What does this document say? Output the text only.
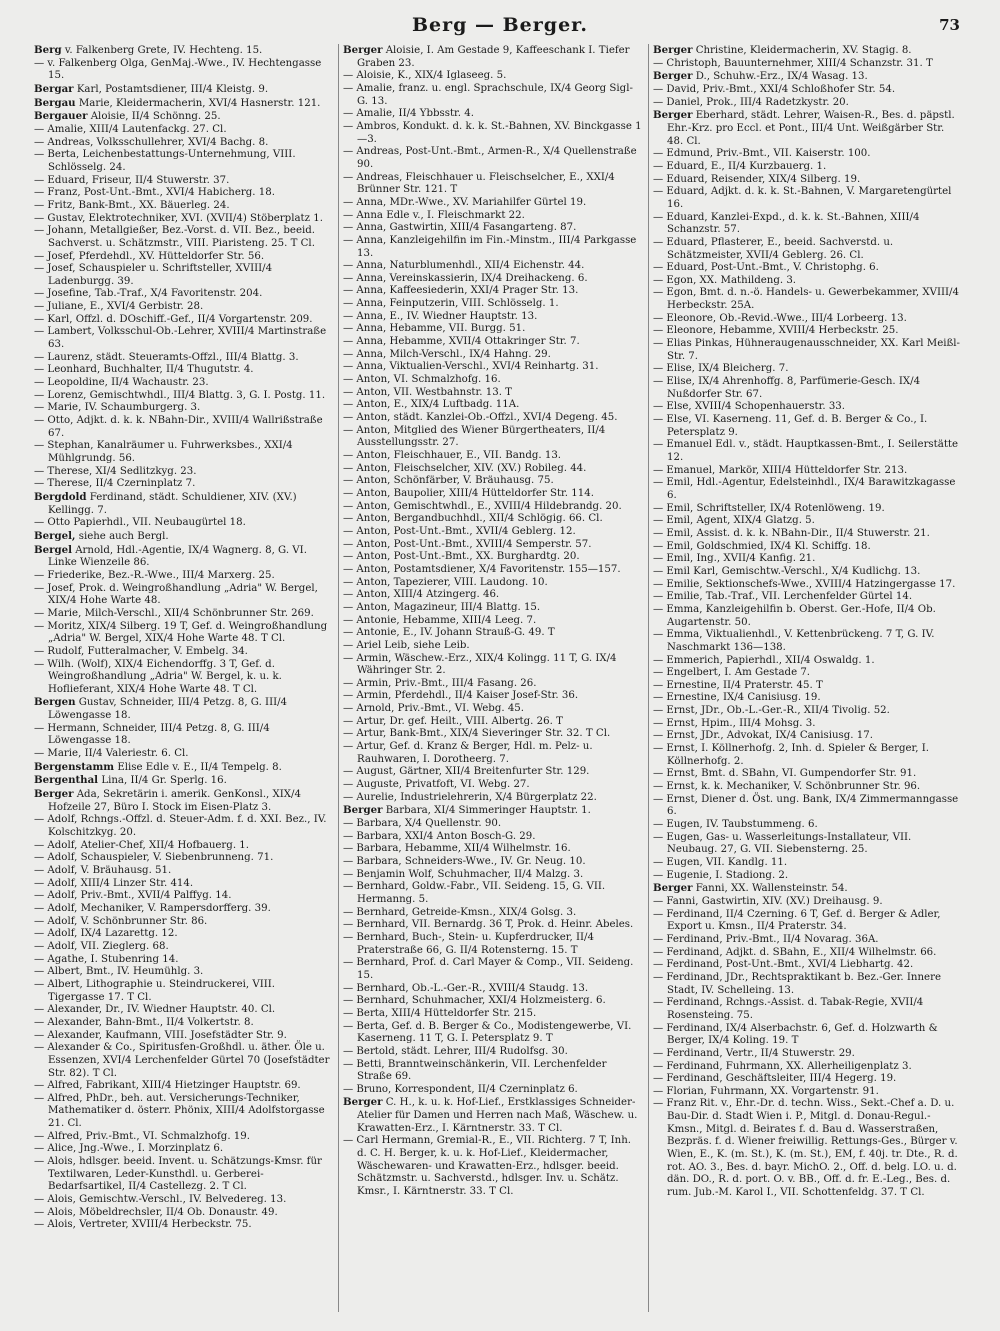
Berg — Berger.	73
Berg v. Falkenberg Grete, IV. Hechteng. 15.
— v. Falkenberg Olga, GenMaj.-Wwe., IV. Hechtengasse 15.
Bergar Karl, Postamtsdiener, III/4 Kleistg. 9.
Bergau Marie, Kleidermacherin, XVI/4 Hasnerstr. 121.
Bergauer Aloisie, II/4 Schönng. 25.
— Amalie, XIII/4 Lautenfackg. 27. Cl.
— Andreas, Volksschullehrer, XVI/4 Bachg. 8.
— Berta, Leichenbestattungs-Unternehmung, VIII. Schlösselg. 24.
— Eduard, Friseur, II/4 Stuwerstr. 37.
— Franz, Post-Unt.-Bmt., XVI/4 Habicherg. 18.
— Fritz, Bank-Bmt., XX. Bäuerleg. 24.
— Gustav, Elektrotechniker, XVI. (XVII/4) Stöberplatz 1.
— Johann, Metallgießer, Bez.-Vorst. d. VII. Bez., beeid. Sachverst. u. Schätzmstr., VIII. Piaristeng. 25. T Cl.
— Josef, Pferdehdl., XV. Hütteldorfer Str. 56.
— Josef, Schauspieler u. Schriftsteller, XVIII/4 Ladenburgg. 39.
— Josefine, Tab.-Traf., X/4 Favoritenstr. 204.
— Juliane, E., XVI/4 Gerbistr. 28.
— Karl, Offzl. d. DOschiff.-Gef., II/4 Vorgartenstr. 209.
— Lambert, Volksschul-Ob.-Lehrer, XVIII/4 Martinstraße 63.
— Laurenz, städt. Steueramts-Offzl., III/4 Blattg. 3.
— Leonhard, Buchhalter, II/4 Thugutstr. 4.
— Leopoldine, II/4 Wachaustr. 23.
— Lorenz, Gemischtwhdl., III/4 Blattg. 3, G. I. Postg. 11.
— Marie, IV. Schaumburgerg. 3.
— Otto, Adjkt. d. k. k. NBahn-Dir., XVIII/4 Wallrißstraße 67.
— Stephan, Kanalräumer u. Fuhrwerksbes., XXI/4 Mühlgrundg. 56.
— Therese, XI/4 Sedlitzkyg. 23.
— Therese, II/4 Czerninplatz 7.
Bergdold Ferdinand, städt. Schuldiener, XIV. (XV.) Kellingg. 7.
— Otto Papierhdl., VII. Neubaugürtel 18.
Bergel, siehe auch Bergl.
Bergel Arnold, Hdl.-Agentie, IX/4 Wagnerg. 8, G. VI. Linke Wienzeile 86.
— Friederike, Bez.-R.-Wwe., III/4 Marxerg. 25.
— Josef, Prok. d. Weingroßhandlung „Adria" W. Bergel, XIX/4 Hohe Warte 48.
— Marie, Milch-Verschl., XII/4 Schönbrunner Str. 269.
— Moritz, XIX/4 Silberg. 19 T, Gef. d. Weingroßhandlung „Adria" W. Bergel, XIX/4 Hohe Warte 48. T Cl.
— Rudolf, Futteralmacher, V. Embelg. 34.
— Wilh. (Wolf), XIX/4 Eichendorffg. 3 T, Gef. d. Weingroßhandlung „Adria" W. Bergel, k. u. k. Hoflieferant, XIX/4 Hohe Warte 48. T Cl.
Bergen Gustav, Schneider, III/4 Petzg. 8, G. III/4 Löwengasse 18.
— Hermann, Schneider, III/4 Petzg. 8, G. III/4 Löwengasse 18.
— Marie, II/4 Valeriestr. 6. Cl.
Bergenstamm Elise Edle v. E., II/4 Tempelg. 8.
Bergenthal Lina, II/4 Gr. Sperlg. 16.
Berger Ada, Sekretärin i. amerik. GenKonsl., XIX/4 Hofzeile 27, Büro I. Stock im Eisen-Platz 3.
— Adolf, Rchngs.-Offzl. d. Steuer-Adm. f. d. XXI. Bez., IV. Kolschitzkyg. 20.
— Adolf, Atelier-Chef, XII/4 Hofbauerg. 1.
— Adolf, Schauspieler, V. Siebenbrunneng. 71.
— Adolf, V. Bräuhausg. 51.
— Adolf, XIII/4 Linzer Str. 414.
— Adolf, Priv.-Bmt., XVII/4 Palffyg. 14.
— Adolf, Mechaniker, V. Rampersdorfferg. 39.
— Adolf, V. Schönbrunner Str. 86.
— Adolf, IX/4 Lazarettg. 12.
— Adolf, VII. Zieglerg. 68.
— Agathe, I. Stubenring 14.
— Albert, Bmt., IV. Heumühlg. 3.
— Albert, Lithographie u. Steindruckerei, VIII. Tigergasse 17. T Cl.
— Alexander, Dr., IV. Wiedner Hauptstr. 40. Cl.
— Alexander, Bahn-Bmt., II/4 Volkertstr. 8.
— Alexander, Kaufmann, VIII. Josefstädter Str. 9.
— Alexander & Co., Spiritusfen-Großhdl. u. äther. Öle u. Essenzen, XVI/4 Lerchenfelder Gürtel 70 (Josefstädter Str. 82). T Cl.
— Alfred, Fabrikant, XIII/4 Hietzinger Hauptstr. 69.
— Alfred, PhDr., beh. aut. Versicherungs-Techniker, Mathematiker d. österr. Phönix, XIII/4 Adolfstorgasse 21. Cl.
— Alfred, Priv.-Bmt., VI. Schmalzhofg. 19.
— Alice, Jng.-Wwe., I. Morzinplatz 6.
— Alois, hdlsger. beeid. Invent. u. Schätzungs-Kmsr. für Textilwaren, Leder-Kunsthdl. u. Gerberei-Bedarfsartikel, II/4 Castellezg. 2. T Cl.
— Alois, Gemischtw.-Verschl., IV. Belvedereg. 13.
— Alois, Möbeldrechsler, II/4 Ob. Donaustr. 49.
— Alois, Vertreter, XVIII/4 Herbeckstr. 75.
Berger Aloisie, I. Am Gestade 9, Kaffeeschank I. Tiefer Graben 23.
— Aloisie, K., XIX/4 Iglaseeg. 5.
— Amalie, franz. u. engl. Sprachschule, IX/4 Georg Sigl-G. 13.
— Amalie, II/4 Ybbsstr. 4.
— Ambros, Kondukt. d. k. k. St.-Bahnen, XV. Binckgasse 1—3.
— Andreas, Post-Unt.-Bmt., Armen-R., X/4 Quellenstraße 90.
— Andreas, Fleischhauer u. Fleischselcher, E., XXI/4 Brünner Str. 121. T
— Anna, MDr.-Wwe., XV. Mariahilfer Gürtel 19.
— Anna Edle v., I. Fleischmarkt 22.
— Anna, Gastwirtin, XIII/4 Fasangarteng. 87.
— Anna, Kanzleigehilfin im Fin.-Minstm., III/4 Parkgasse 13.
— Anna, Naturblumenhdl., XII/4 Eichenstr. 44.
— Anna, Vereinskassierin, IX/4 Dreihackeng. 6.
— Anna, Kaffeesiederin, XXI/4 Prager Str. 13.
— Anna, Feinputzerin, VIII. Schlösselg. 1.
— Anna, E., IV. Wiedner Hauptstr. 13.
— Anna, Hebamme, VII. Burgg. 51.
— Anna, Hebamme, XVII/4 Ottakringer Str. 7.
— Anna, Milch-Verschl., IX/4 Hahng. 29.
— Anna, Viktualien-Verschl., XVI/4 Reinhartg. 31.
— Anton, VI. Schmalzhofg. 16.
— Anton, VII. Westbahnstr. 13. T
— Anton, E., XIX/4 Luftbadg. 11A.
— Anton, städt. Kanzlei-Ob.-Offzl., XVI/4 Degeng. 45.
— Anton, Mitglied des Wiener Bürgertheaters, II/4 Ausstellungsstr. 27.
— Anton, Fleischhauer, E., VII. Bandg. 13.
— Anton, Fleischselcher, XIV. (XV.) Robileg. 44.
— Anton, Schönfärber, V. Bräuhausg. 75.
— Anton, Baupolier, XIII/4 Hütteldorfer Str. 114.
— Anton, Gemischtwhdl., E., XVIII/4 Hildebrandg. 20.
— Anton, Bergandbuchhdl., XII/4 Schlögig. 66. Cl.
— Anton, Post-Unt.-Bmt., XVII/4 Geblerg. 12.
— Anton, Post-Unt.-Bmt., XVIII/4 Semperstr. 57.
— Anton, Post-Unt.-Bmt., XX. Burghardtg. 20.
— Anton, Postamtsdiener, X/4 Favoritenstr. 155—157.
— Anton, Tapezierer, VIII. Laudong. 10.
— Anton, XIII/4 Atzingerg. 46.
— Anton, Magazineur, III/4 Blattg. 15.
— Antonie, Hebamme, XIII/4 Leeg. 7.
— Antonie, E., IV. Johann Strauß-G. 49. T
— Ariel Leib, siehe Leib.
— Armin, Wäschew.-Erz., XIX/4 Kolingg. 11 T, G. IX/4 Währinger Str. 2.
— Armin, Priv.-Bmt., III/4 Fasang. 26.
— Armin, Pferdehdl., II/4 Kaiser Josef-Str. 36.
— Arnold, Priv.-Bmt., VI. Webg. 45.
— Artur, Dr. gef. Heilt., VIII. Albertg. 26. T
— Artur, Bank-Bmt., XIX/4 Sieveringer Str. 32. T Cl.
— Artur, Gef. d. Kranz & Berger, Hdl. m. Pelz- u. Rauhwaren, I. Dorotheerg. 7.
— August, Gärtner, XII/4 Breitenfurter Str. 129.
— Auguste, Privatfoft, VI. Webg. 27.
— Aurelie, Industrielehrerin, X/4 Bürgerplatz 22.
Berger Barbara, XI/4 Simmeringer Hauptstr. 1.
— Barbara, X/4 Quellenstr. 90.
— Barbara, XXI/4 Anton Bosch-G. 29.
— Barbara, Hebamme, XII/4 Wilhelmstr. 16.
— Barbara, Schneiders-Wwe., IV. Gr. Neug. 10.
— Benjamin Wolf, Schuhmacher, II/4 Malzg. 3.
— Bernhard, Goldw.-Fabr., VII. Seideng. 15, G. VII. Hermanng. 5.
— Bernhard, Getreide-Kmsn., XIX/4 Golsg. 3.
— Bernhard, VII. Bernardg. 36 T, Prok. d. Heinr. Abeles.
— Bernhard, Buch-, Stein- u. Kupferdrucker, II/4 Praterstraße 66, G. II/4 Rotensterng. 15. T
— Bernhard, Prof. d. Carl Mayer & Comp., VII. Seideng. 15.
— Bernhard, Ob.-L.-Ger.-R., XVIII/4 Staudg. 13.
— Bernhard, Schuhmacher, XXI/4 Holzmeisterg. 6.
— Berta, XIII/4 Hütteldorfer Str. 215.
— Berta, Gef. d. B. Berger & Co., Modistengewerbe, VI. Kaserneng. 11 T, G. I. Petersplatz 9. T
— Bertold, städt. Lehrer, III/4 Rudolfsg. 30.
— Betti, Branntweinschänkerin, VII. Lerchenfelder Straße 69.
— Bruno, Korrespondent, II/4 Czerninplatz 6.
Berger C. H., k. u. k. Hof-Lief., Erstklassiges Schneider-Atelier für Damen und Herren nach Maß, Wäschew. u. Krawatten-Erz., I. Kärntnerstr. 33. T Cl.
— Carl Hermann, Gremial-R., E., VII. Richterg. 7 T, Inh. d. C. H. Berger, k. u. k. Hof-Lief., Kleidermacher, Wäschewaren- und Krawatten-Erz., hdlsger. beeid. Schätzmstr. u. Sachverstd., hdlsger. Inv. u. Schätz. Kmsr., I. Kärntnerstr. 33. T Cl.
Berger Christine, Kleidermacherin, XV. Stagig. 8.
— Christoph, Bauunternehmer, XIII/4 Schanzstr. 31. T
Berger D., Schuhw.-Erz., IX/4 Wasag. 13.
— David, Priv.-Bmt., XXI/4 Schloßhofer Str. 54.
— Daniel, Prok., III/4 Radetzkystr. 20.
Berger Eberhard, städt. Lehrer, Waisen-R., Bes. d. päpstl. Ehr.-Krz. pro Eccl. et Pont., III/4 Unt. Weißgärber Str. 48. Cl.
— Edmund, Priv.-Bmt., VII. Kaiserstr. 100.
— Eduard, E., II/4 Kurzbauerg. 1.
— Eduard, Reisender, XIX/4 Silberg. 19.
— Eduard, Adjkt. d. k. k. St.-Bahnen, V. Margaretengürtel 16.
— Eduard, Kanzlei-Expd., d. k. k. St.-Bahnen, XIII/4 Schanzstr. 57.
— Eduard, Pflasterer, E., beeid. Sachverstd. u. Schätzmeister, XVII/4 Geblerg. 26. Cl.
— Eduard, Post-Unt.-Bmt., V. Christophg. 6.
— Egon, XX. Mathildeng. 3.
— Egon, Bmt. d. n.-ö. Handels- u. Gewerbekammer, XVIII/4 Herbeckstr. 25A.
— Eleonore, Ob.-Revid.-Wwe., III/4 Lorbeerg. 13.
— Eleonore, Hebamme, XVIII/4 Herbeckstr. 25.
— Elias Pinkas, Hühneraugenausschneider, XX. Karl Meißl-Str. 7.
— Elise, IX/4 Bleicherg. 7.
— Elise, IX/4 Ahrenhoffg. 8, Parfümerie-Gesch. IX/4 Nußdorfer Str. 67.
— Else, XVIII/4 Schopenhauerstr. 33.
— Else, VI. Kaserneng. 11, Gef. d. B. Berger & Co., I. Petersplatz 9.
— Emanuel Edl. v., städt. Hauptkassen-Bmt., I. Seilerstätte 12.
— Emanuel, Markör, XIII/4 Hütteldorfer Str. 213.
— Emil, Hdl.-Agentur, Edelsteinhdl., IX/4 Barawitzkagasse 6.
— Emil, Schriftsteller, IX/4 Rotenlöweng. 19.
— Emil, Agent, XIX/4 Glatzg. 5.
— Emil, Assist. d. k. k. NBahn-Dir., II/4 Stuwerstr. 21.
— Emil, Goldschmied, IX/4 Kl. Schiffg. 18.
— Emil, Ing., XVII/4 Kanfig. 21.
— Emil Karl, Gemischtw.-Verschl., X/4 Kudlichg. 13.
— Emilie, Sektionschefs-Wwe., XVIII/4 Hatzingergasse 17.
— Emilie, Tab.-Traf., VII. Lerchenfelder Gürtel 14.
— Emma, Kanzleigehilfin b. Oberst. Ger.-Hofe, II/4 Ob. Augartenstr. 50.
— Emma, Viktualienhdl., V. Kettenbrückeng. 7 T, G. IV. Naschmarkt 136—138.
— Emmerich, Papierhdl., XII/4 Oswaldg. 1.
— Engelbert, I. Am Gestade 7.
— Ernestine, II/4 Praterstr. 45. T
— Ernestine, IX/4 Canisiusg. 19.
— Ernst, JDr., Ob.-L.-Ger.-R., XII/4 Tivolig. 52.
— Ernst, Hpim., III/4 Mohsg. 3.
— Ernst, JDr., Advokat, IX/4 Canisiusg. 17.
— Ernst, I. Köllnerhofg. 2, Inh. d. Spieler & Berger, I. Köllnerhofg. 2.
— Ernst, Bmt. d. SBahn, VI. Gumpendorfer Str. 91.
— Ernst, k. k. Mechaniker, V. Schönbrunner Str. 96.
— Ernst, Diener d. Öst. ung. Bank, IX/4 Zimmermanngasse 6.
— Eugen, IV. Taubstummeng. 6.
— Eugen, Gas- u. Wasserleitungs-Installateur, VII. Neubaug. 27, G. VII. Siebensterng. 25.
— Eugen, VII. Kandlg. 11.
— Eugenie, I. Stadiong. 2.
Berger Fanni, XX. Wallensteinstr. 54.
— Fanni, Gastwirtin, XIV. (XV.) Dreihausg. 9.
— Ferdinand, II/4 Czerning. 6 T, Gef. d. Berger & Adler, Export u. Kmsn., II/4 Praterstr. 34.
— Ferdinand, Priv.-Bmt., II/4 Novarag. 36A.
— Ferdinand, Adjkt. d. SBahn, E., XII/4 Wilhelmstr. 66.
— Ferdinand, Post-Unt.-Bmt., XVI/4 Liebhartg. 42.
— Ferdinand, JDr., Rechtspraktikant b. Bez.-Ger. Innere Stadt, IV. Schelleing. 13.
— Ferdinand, Rchngs.-Assist. d. Tabak-Regie, XVII/4 Rosensteing. 75.
— Ferdinand, IX/4 Alserbachstr. 6, Gef. d. Holzwarth & Berger, IX/4 Koling. 19. T
— Ferdinand, Vertr., II/4 Stuwerstr. 29.
— Ferdinand, Fuhrmann, XX. Allerheiligenplatz 3.
— Ferdinand, Geschäftsleiter, III/4 Hegerg. 19.
— Florian, Fuhrmann, XX. Vorgartenstr. 91.
— Franz Rit. v., Ehr.-Dr. d. techn. Wiss., Sekt.-Chef a. D. u. Bau-Dir. d. Stadt Wien i. P., Mitgl. d. Donau-Regul.-Kmsn., Mitgl. d. Beirates f. d. Bau d. Wasserstraßen, Bezpräs. f. d. Wiener freiwillig. Rettungs-Ges., Bürger v. Wien, E., K. (m. St.), K. (m. St.), EM, f. 40j. tr. Dte., R. d. rot. AO. 3., Bes. d. bayr. MichO. 2., Off. d. belg. LO. u. d. dän. DO., R. d. port. O. v. BB., Off. d. fr. E.-Leg., Bes. d. rum. Jub.-M. Karol I., VII. Schottenfeldg. 37. T Cl.
